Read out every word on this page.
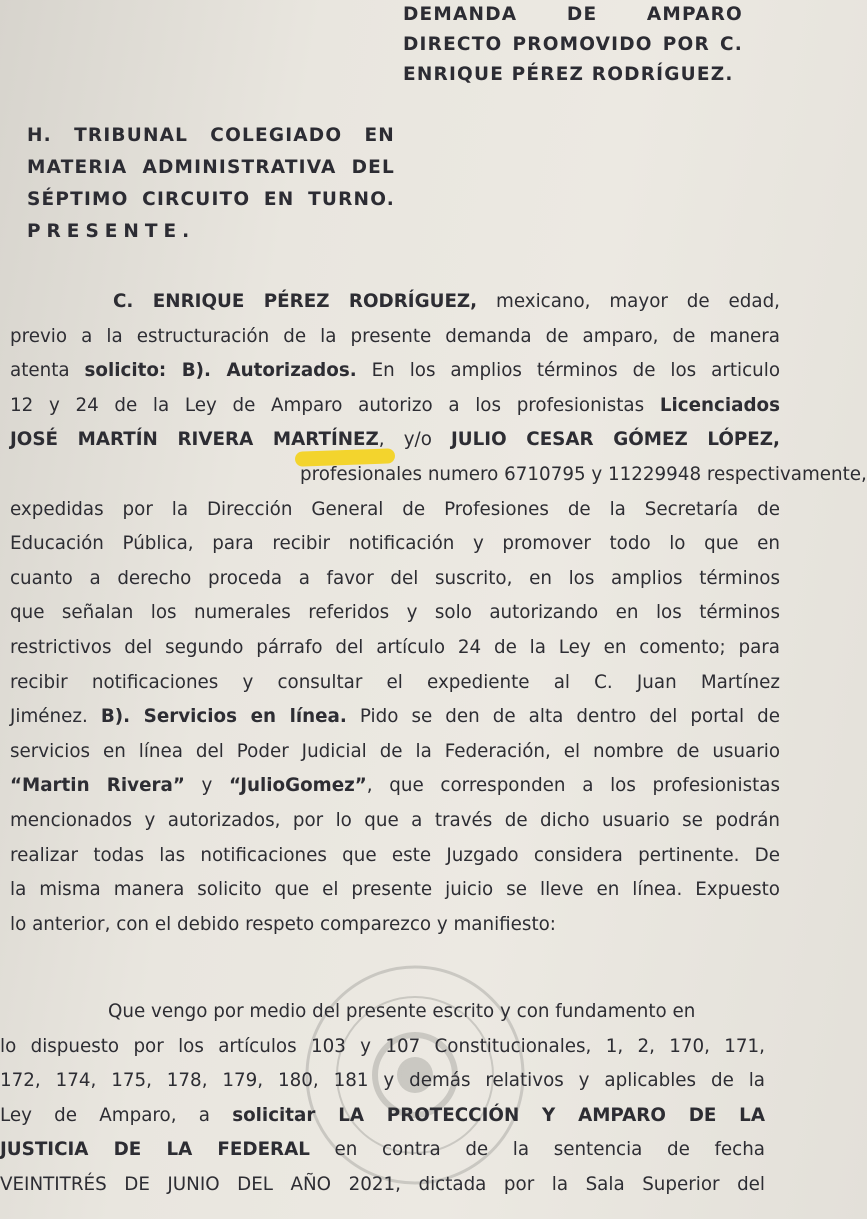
DEMANDA	DE	AMPARO
DIRECTO PROMOVIDO POR C.
ENRIQUE PÉREZ RODRÍGUEZ.
H. TRIBUNAL COLEGIADO EN
MATERIA ADMINISTRATIVA DEL
SÉPTIMO CIRCUITO EN TURNO.
PRESENTE.
C. ENRIQUE PÉREZ RODRÍGUEZ, mexicano, mayor de edad,
previo a la estructuración de la presente demanda de amparo, de manera
atenta solicito: B). Autorizados. En los amplios términos de los articulo
12 y 24 de la Ley de Amparo autorizo a los profesionistas Licenciados
JOSÉ MARTÍN RIVERA MARTÍNEZ, y/o JULIO CESAR GÓMEZ LÓPEZ,
profesionales numero 6710795 y 11229948 respectivamente,
expedidas por la Dirección General de Profesiones de la Secretaría de
Educación Pública, para recibir notificación y promover todo lo que en
cuanto a derecho proceda a favor del suscrito, en los amplios términos
que señalan los numerales referidos y solo autorizando en los términos
restrictivos del segundo párrafo del artículo 24 de la Ley en comento; para
recibir notificaciones y consultar el expediente al C. Juan Martínez
Jiménez. B). Servicios en línea. Pido se den de alta dentro del portal de
servicios en línea del Poder Judicial de la Federación, el nombre de usuario
“Martin Rivera” y “JulioGomez”, que corresponden a los profesionistas
mencionados y autorizados, por lo que a través de dicho usuario se podrán
realizar todas las notificaciones que este Juzgado considera pertinente. De
la misma manera solicito que el presente juicio se lleve en línea. Expuesto
lo anterior, con el debido respeto comparezco y manifiesto:
Que vengo por medio del presente escrito y con fundamento en
lo dispuesto por los artículos 103 y 107 Constitucionales, 1, 2, 170, 171,
172, 174, 175, 178, 179, 180, 181 y demás relativos y aplicables de la
Ley de Amparo, a solicitar LA PROTECCIÓN Y AMPARO DE LA
JUSTICIA DE LA FEDERAL en contra de la sentencia de fecha
VEINTITRÉS DE JUNIO DEL AÑO 2021, dictada por la Sala Superior del
